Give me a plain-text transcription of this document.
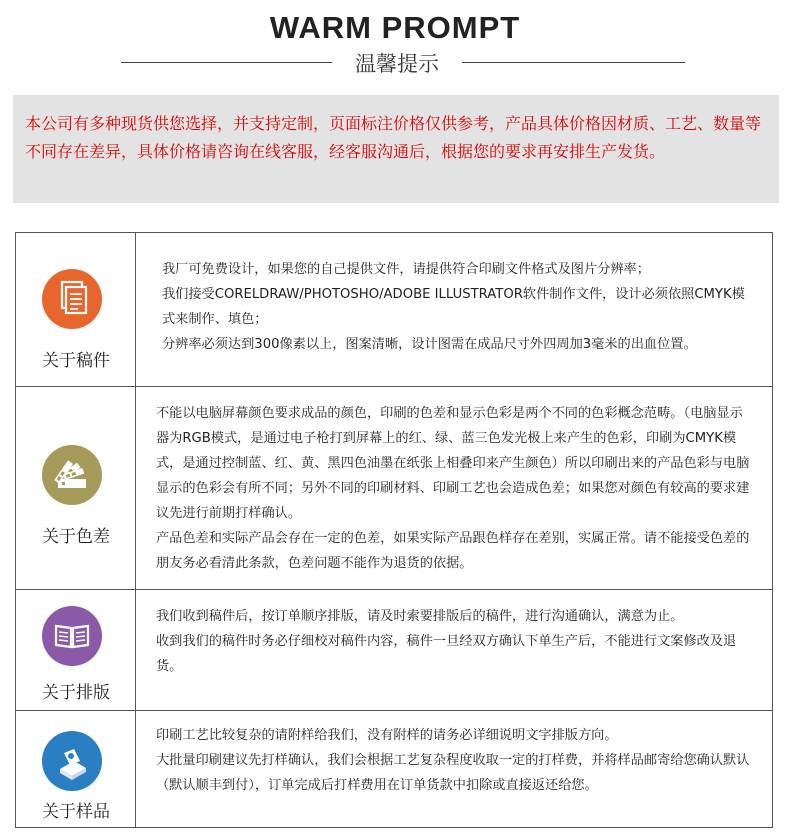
WARM PROMPT
温馨提示
本公司有多种现货供您选择，并支持定制，页面标注价格仅供参考，产品具体价格因材质、工艺、数量等不同存在差异，具体价格请咨询在线客服，经客服沟通后，根据您的要求再安排生产发货。
关于稿件

我厂可免费设计，如果您的自己提供文件，请提供符合印刷文件格式及图片分辨率；

我们接受CORELDRAW/PHOTOSHO/ADOBE ILLUSTRATOR软件制作文件，设计必须依照CMYK模式来制作、填色；

分辨率必须达到300像素以上，图案清晰，设计图需在成品尺寸外四周加3毫米的出血位置。

关于色差

不能以电脑屏幕颜色要求成品的颜色，印刷的色差和显示色彩是两个不同的色彩概念范畴。（电脑显示器为RGB模式，是通过电子枪打到屏幕上的红、绿、蓝三色发光极上来产生的色彩，印刷为CMYK模式，是通过控制蓝、红、黄、黑四色油墨在纸张上相叠印来产生颜色）所以印刷出来的产品色彩与电脑显示的色彩会有所不同；另外不同的印刷材料、印刷工艺也会造成色差；如果您对颜色有较高的要求建议先进行前期打样确认。

产品色差和实际产品会存在一定的色差，如果实际产品跟色样存在差别，实属正常。请不能接受色差的朋友务必看清此条款，色差问题不能作为退货的依据。

关于排版

我们收到稿件后，按订单顺序排版，请及时索要排版后的稿件，进行沟通确认，满意为止。

收到我们的稿件时务必仔细校对稿件内容，稿件一旦经双方确认下单生产后，不能进行文案修改及退货。

关于样品

印刷工艺比较复杂的请附样给我们，没有附样的请务必详细说明文字排版方向。

大批量印刷建议先打样确认，我们会根据工艺复杂程度收取一定的打样费，并将样品邮寄给您确认默认（默认顺丰到付），订单完成后打样费用在订单货款中扣除或直接返还给您。
